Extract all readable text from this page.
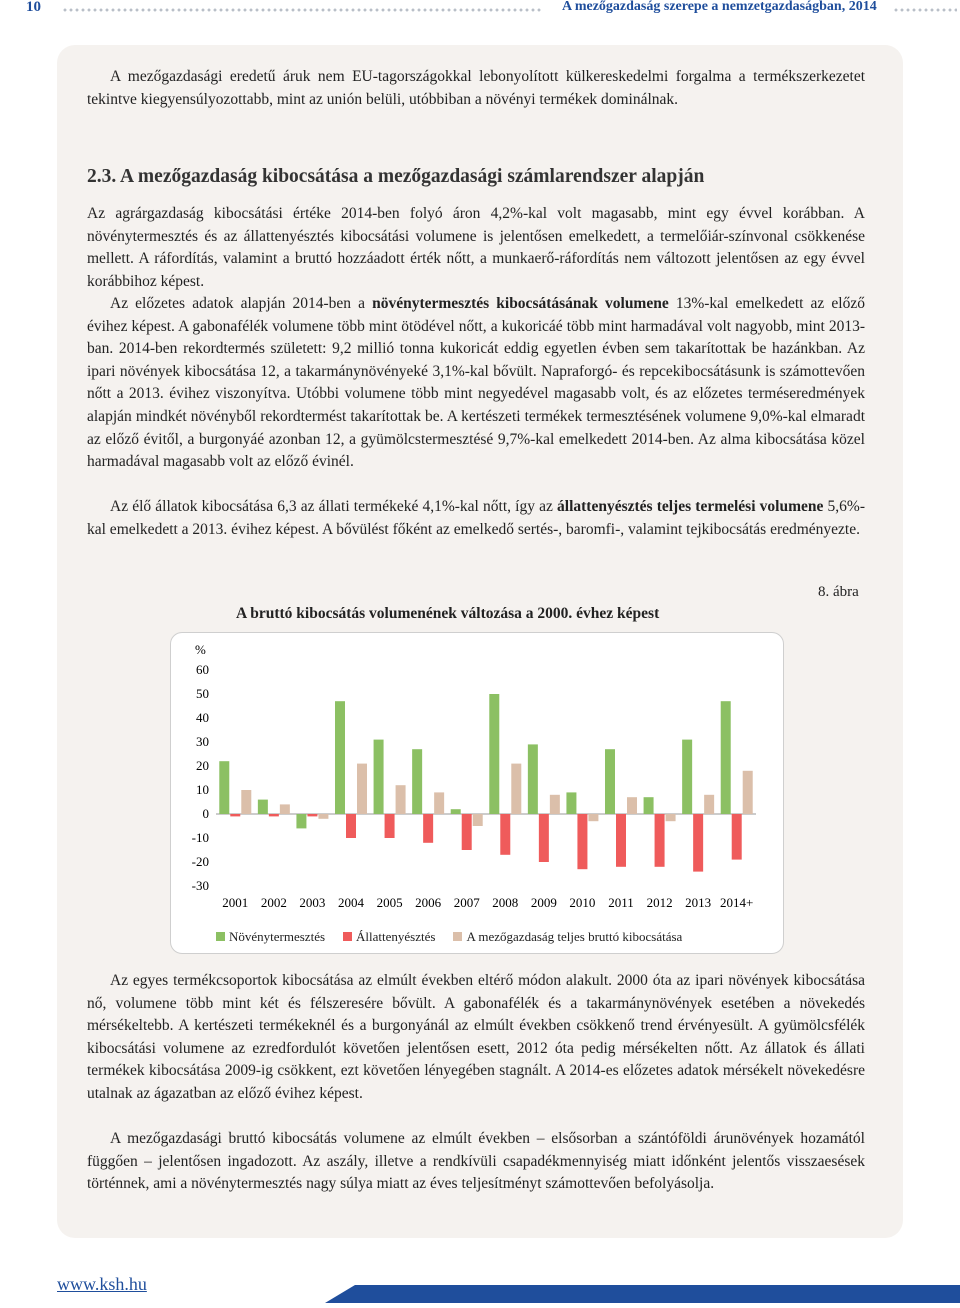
10	A mezőgazdaság szerepe a nemzetgazdaságban, 2014

A mezőgazdasági eredetű áruk nem EU-tagországokkal lebonyolított külkereskedelmi forgalma a termékszerkezetet tekintve kiegyensúlyozottabb, mint az unión belüli, utóbbiban a növényi termékek dominálnak.

2.3. A mezőgazdaság kibocsátása a mezőgazdasági számlarendszer alapján

Az agrárgazdaság kibocsátási értéke 2014-ben folyó áron 4,2%-kal volt magasabb, mint egy évvel korábban. A növénytermesztés és az állattenyésztés kibocsátási volumene is jelentősen emelkedett, a termelőiár-színvonal csökkenése mellett. A ráfordítás, valamint a bruttó hozzáadott érték nőtt, a munkaerő-ráfordítás nem változott jelentősen az egy évvel korábbihoz képest.

Az előzetes adatok alapján 2014-ben a növénytermesztés kibocsátásának volumene 13%-kal emelkedett az előző évihez képest. A gabonafélék volumene több mint ötödével nőtt, a kukoricáé több mint harmadával volt nagyobb, mint 2013-ban. 2014-ben rekordtermés született: 9,2 millió tonna kukoricát eddig egyetlen évben sem takarítottak be hazánkban. Az ipari növények kibocsátása 12, a takarmánynövényeké 3,1%-kal bővült. Napraforgó- és repcekibocsátásunk is számottevően nőtt a 2013. évihez viszonyítva. Utóbbi volumene több mint negyedével magasabb volt, és az előzetes terméseredmények alapján mindkét növényből rekordtermést takarítottak be. A kertészeti termékek termesztésének volumene 9,0%-kal elmaradt az előző évitől, a burgonyáé azonban 12, a gyümölcstermesztésé 9,7%-kal emelkedett 2014-ben. Az alma kibocsátása közel harmadával magasabb volt az előző évinél.

Az élő állatok kibocsátása 6,3 az állati termékeké 4,1%-kal nőtt, így az állattenyésztés teljes termelési volumene 5,6%-kal emelkedett a 2013. évihez képest. A bővülést főként az emelkedő sertés-, baromfi-, valamint tejkibocsátás eredményezte.

8. ábra
A bruttó kibocsátás volumenének változása a 2000. évhez képest
%
60
50
40
30
20
10
0
-10
-20
-30
2001 2002 2003 2004 2005 2006 2007 2008 2009 2010 2011 2012 2013 2014+
Növénytermesztés Állattenyésztés A mezőgazdaság teljes bruttó kibocsátása

Az egyes termékcsoportok kibocsátása az elmúlt években eltérő módon alakult. 2000 óta az ipari növények kibocsátása nő, volumene több mint két és félszeresére bővült. A gabonafélék és a takarmánynövények esetében a növekedés mérsékeltebb. A kertészeti termékeknél és a burgonyánál az elmúlt években csökkenő trend érvényesült. A gyümölcsfélék kibocsátási volumene az ezredfordulót követően jelentősen esett, 2012 óta pedig mérsékelten nőtt. Az állatok és állati termékek kibocsátása 2009-ig csökkent, ezt követően lényegében stagnált. A 2014-es előzetes adatok mérsékelt növekedésre utalnak az ágazatban az előző évihez képest.

A mezőgazdasági bruttó kibocsátás volumene az elmúlt években – elsősorban a szántóföldi árunövények hozamától függően – jelentősen ingadozott. Az aszály, illetve a rendkívüli csapadékmennyiség miatt időnként jelentős visszaesések történnek, ami a növénytermesztés nagy súlya miatt az éves teljesítményt számottevően befolyásolja.

www.ksh.hu
